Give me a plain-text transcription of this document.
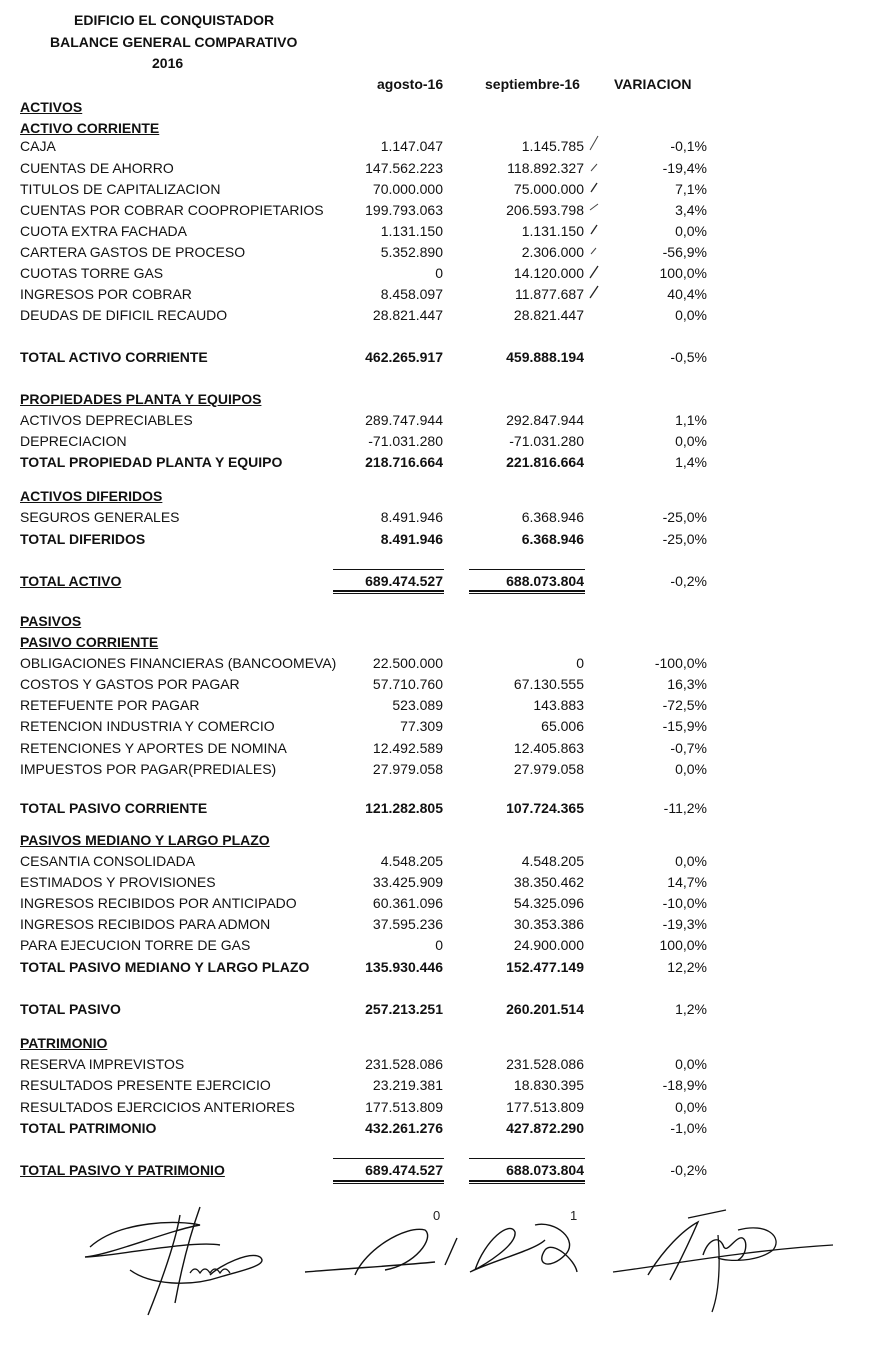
EDIFICIO EL CONQUISTADOR
BALANCE GENERAL COMPARATIVO
2016
agosto-16	septiembre-16 VARIACION
ACTIVOS
ACTIVO CORRIENTE
CAJA	1.147.047	1.145.785	-0,1%
CUENTAS DE AHORRO	147.562.223	118.892.327	-19,4%
TITULOS DE CAPITALIZACION	70.000.000	75.000.000	7,1%
CUENTAS POR COBRAR COOPROPIETARIOS	199.793.063	206.593.798	3,4%
CUOTA EXTRA FACHADA	1.131.150	1.131.150	0,0%
CARTERA GASTOS DE PROCESO	5.352.890	2.306.000	-56,9%
CUOTAS TORRE GAS	0	14.120.000	100,0%
INGRESOS POR COBRAR	8.458.097	11.877.687	40,4%
DEUDAS DE DIFICIL RECAUDO	28.821.447	28.821.447	0,0%
TOTAL ACTIVO CORRIENTE	462.265.917	459.888.194	-0,5%
PROPIEDADES PLANTA Y EQUIPOS
ACTIVOS DEPRECIABLES	289.747.944	292.847.944	1,1%
DEPRECIACION	-71.031.280	-71.031.280	0,0%
TOTAL PROPIEDAD PLANTA Y EQUIPO	218.716.664	221.816.664	1,4%
ACTIVOS DIFERIDOS
SEGUROS GENERALES	8.491.946	6.368.946	-25,0%
TOTAL DIFERIDOS	8.491.946	6.368.946	-25,0%
TOTAL ACTIVO	689.474.527	688.073.804	-0,2%
PASIVOS
PASIVO CORRIENTE
OBLIGACIONES FINANCIERAS (BANCOOMEVA)	22.500.000	0	-100,0%
COSTOS Y GASTOS POR PAGAR	57.710.760	67.130.555	16,3%
RETEFUENTE POR PAGAR	523.089	143.883	-72,5%
RETENCION INDUSTRIA Y COMERCIO	77.309	65.006	-15,9%
RETENCIONES Y APORTES DE NOMINA	12.492.589	12.405.863	-0,7%
IMPUESTOS POR PAGAR(PREDIALES)	27.979.058	27.979.058	0,0%
TOTAL PASIVO CORRIENTE	121.282.805	107.724.365	-11,2%
PASIVOS MEDIANO Y LARGO PLAZO
CESANTIA CONSOLIDADA	4.548.205	4.548.205	0,0%
ESTIMADOS Y PROVISIONES	33.425.909	38.350.462	14,7%
INGRESOS RECIBIDOS POR ANTICIPADO	60.361.096	54.325.096	-10,0%
INGRESOS RECIBIDOS PARA ADMON	37.595.236	30.353.386	-19,3%
PARA EJECUCION TORRE DE GAS	0	24.900.000	100,0%
TOTAL PASIVO MEDIANO Y LARGO PLAZO	135.930.446	152.477.149	12,2%
TOTAL PASIVO	257.213.251	260.201.514	1,2%
PATRIMONIO
RESERVA IMPREVISTOS	231.528.086	231.528.086	0,0%
RESULTADOS PRESENTE EJERCICIO	23.219.381	18.830.395	-18,9%
RESULTADOS EJERCICIOS ANTERIORES	177.513.809	177.513.809	0,0%
TOTAL PATRIMONIO	432.261.276	427.872.290	-1,0%
TOTAL PASIVO Y PATRIMONIO	689.474.527	688.073.804	-0,2%
0	1
